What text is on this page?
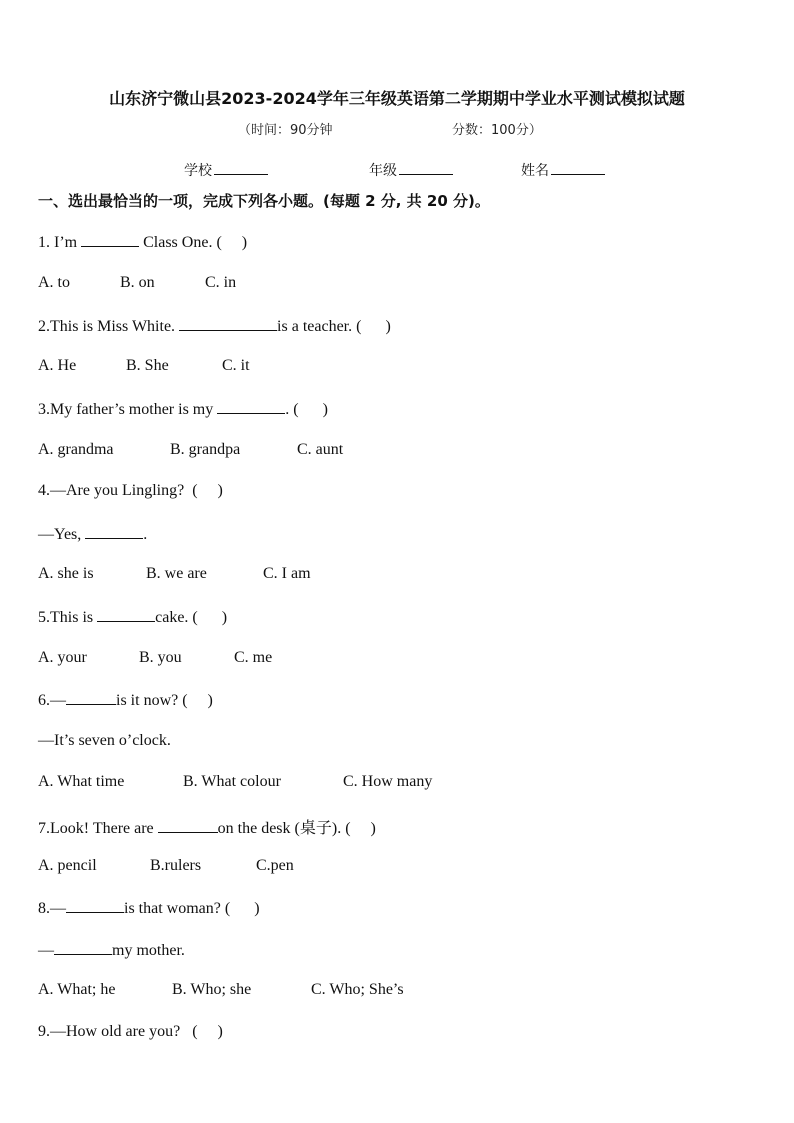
山东济宁微山县2023-2024学年三年级英语第二学期期中学业水平测试模拟试题
（时间：90分钟	分数：100分）
学校	年级	姓名
一、选出最恰当的一项，完成下列各小题。(每题 2 分, 共 20 分)。
1. I’m	Class One. (     )
A. to	B. on	C. in
2.This is Miss White.	is a teacher. (      )
A. He	B. She	C. it
3.My father’s mother is my	. (      )
A. grandma	B. grandpa	C. aunt
4.—Are you Lingling?  (     )
—Yes,	.
A. she is	B. we are	C. I am
5.This is	cake. (      )
A. your	B. you	C. me
6.—	is it now? (     )
—It’s seven o’clock.
A. What time	B. What colour	C. How many
7.Look! There are	on the desk (桌子). (     )
A. pencil	B.rulers	C.pen
8.—	is that woman? (      )
—	my mother.
A. What; he	B. Who; she	C. Who; She’s
9.—How old are you?   (     )
